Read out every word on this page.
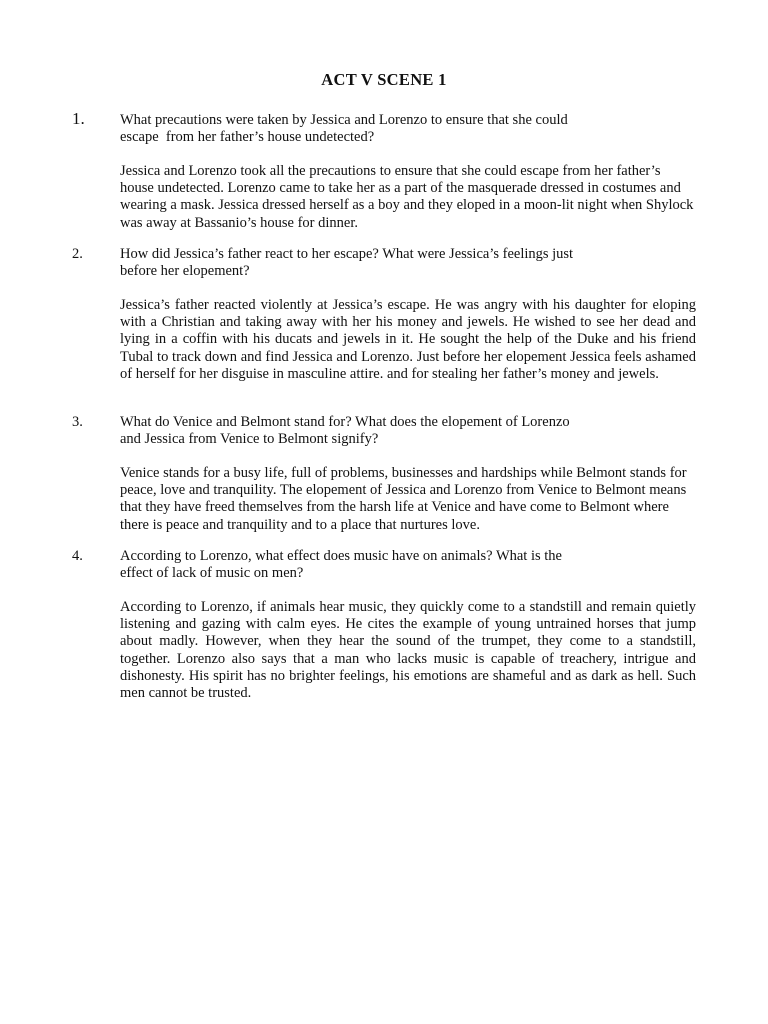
ACT V SCENE 1
1. What precautions were taken by Jessica and Lorenzo to ensure that she could
escape  from her father’s house undetected?
Jessica and Lorenzo took all the precautions to ensure that she could escape from her father’s house undetected. Lorenzo came to take her as a part of the masquerade dressed in costumes and wearing a mask. Jessica dressed herself as a boy and they eloped in a moon-lit night when Shylock was away at Bassanio’s house for dinner.
2.	How did Jessica’s father react to her escape? What were Jessica’s feelings just
before her elopement?
Jessica’s father reacted violently at Jessica’s escape. He was angry with his daughter for eloping with a Christian and taking away with her his money and jewels. He wished to see her dead and lying in a coffin with his ducats and jewels in it. He sought the help of the Duke and his friend Tubal to track down and find Jessica and Lorenzo. Just before her elopement Jessica feels ashamed of herself for her disguise in masculine attire. and for stealing her father’s money and jewels.
3.	What do Venice and Belmont stand for? What does the elopement of Lorenzo
and Jessica from Venice to Belmont signify?
Venice stands for a busy life, full of problems, businesses and hardships while Belmont stands for peace, love and tranquility. The elopement of Jessica and Lorenzo from Venice to Belmont means that they have freed themselves from the harsh life at Venice and have come to Belmont where there is peace and tranquility and to a place that nurtures love.
4.	According to Lorenzo, what effect does music have on animals? What is the
effect of lack of music on men?
According to Lorenzo, if animals hear music, they quickly come to a standstill and remain quietly listening and gazing with calm eyes. He cites the example of young untrained horses that jump about madly. However, when they hear the sound of the trumpet, they come to a standstill, together. Lorenzo also says that a man who lacks music is capable of treachery, intrigue and dishonesty. His spirit has no brighter feelings, his emotions are shameful and as dark as hell. Such men cannot be trusted.
